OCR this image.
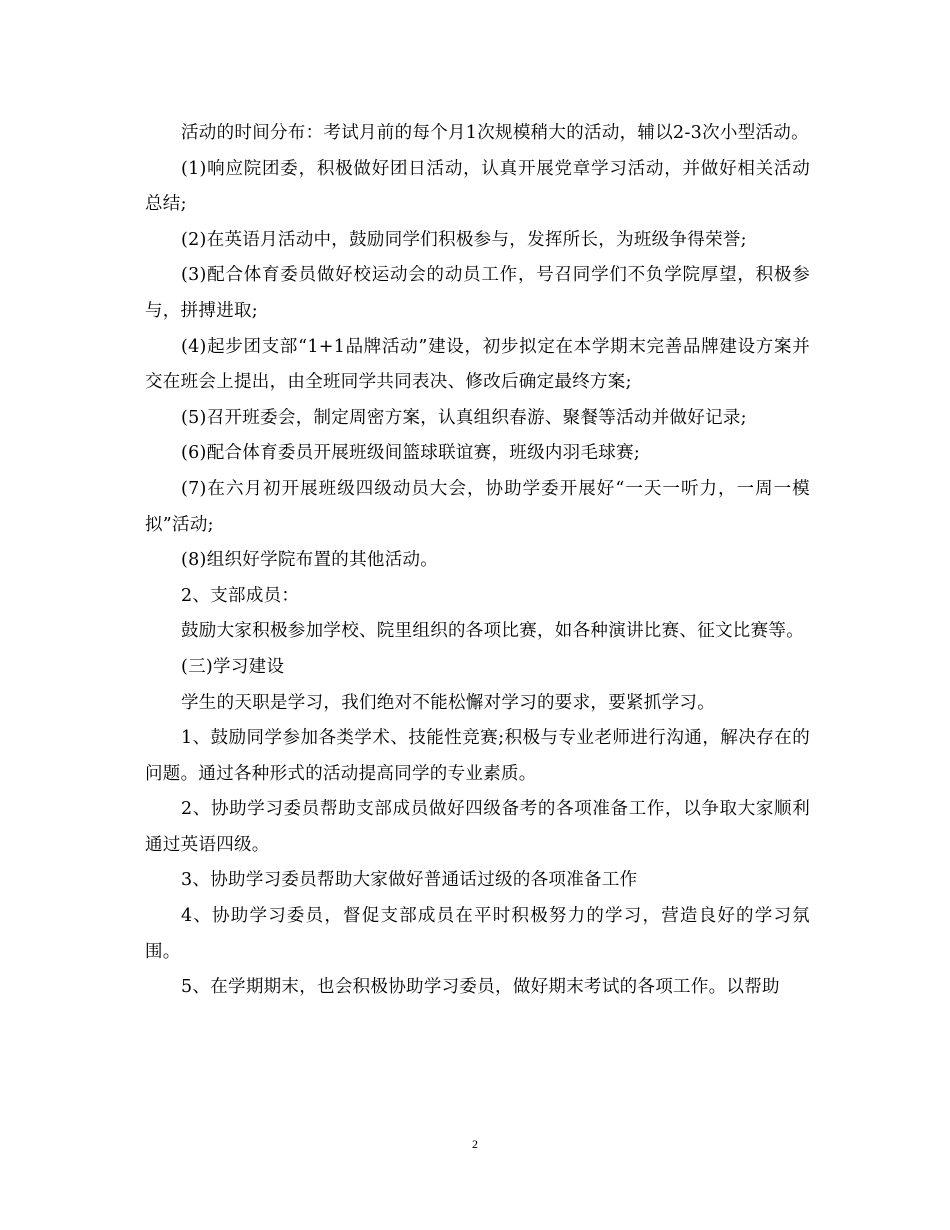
活动的时间分布：考试月前的每个月1次规模稍大的活动，辅以2-3次小型活动。

(1)响应院团委，积极做好团日活动，认真开展党章学习活动，并做好相关活动总结;

(2)在英语月活动中，鼓励同学们积极参与，发挥所长，为班级争得荣誉;

(3)配合体育委员做好校运动会的动员工作，号召同学们不负学院厚望，积极参与，拼搏进取;

(4)起步团支部“1+1品牌活动”建设，初步拟定在本学期末完善品牌建设方案并交在班会上提出，由全班同学共同表决、修改后确定最终方案;

(5)召开班委会，制定周密方案，认真组织春游、聚餐等活动并做好记录;

(6)配合体育委员开展班级间篮球联谊赛，班级内羽毛球赛;

(7)在六月初开展班级四级动员大会，协助学委开展好“一天一听力，一周一模拟”活动;

(8)组织好学院布置的其他活动。

2、支部成员：

鼓励大家积极参加学校、院里组织的各项比赛，如各种演讲比赛、征文比赛等。

(三)学习建设

学生的天职是学习，我们绝对不能松懈对学习的要求，要紧抓学习。

1、鼓励同学参加各类学术、技能性竞赛;积极与专业老师进行沟通，解决存在的问题。通过各种形式的活动提高同学的专业素质。

2、协助学习委员帮助支部成员做好四级备考的各项准备工作，以争取大家顺利通过英语四级。

3、协助学习委员帮助大家做好普通话过级的各项准备工作

4、协助学习委员，督促支部成员在平时积极努力的学习，营造良好的学习氛围。

5、在学期期末，也会积极协助学习委员，做好期末考试的各项工作。以帮助

2
